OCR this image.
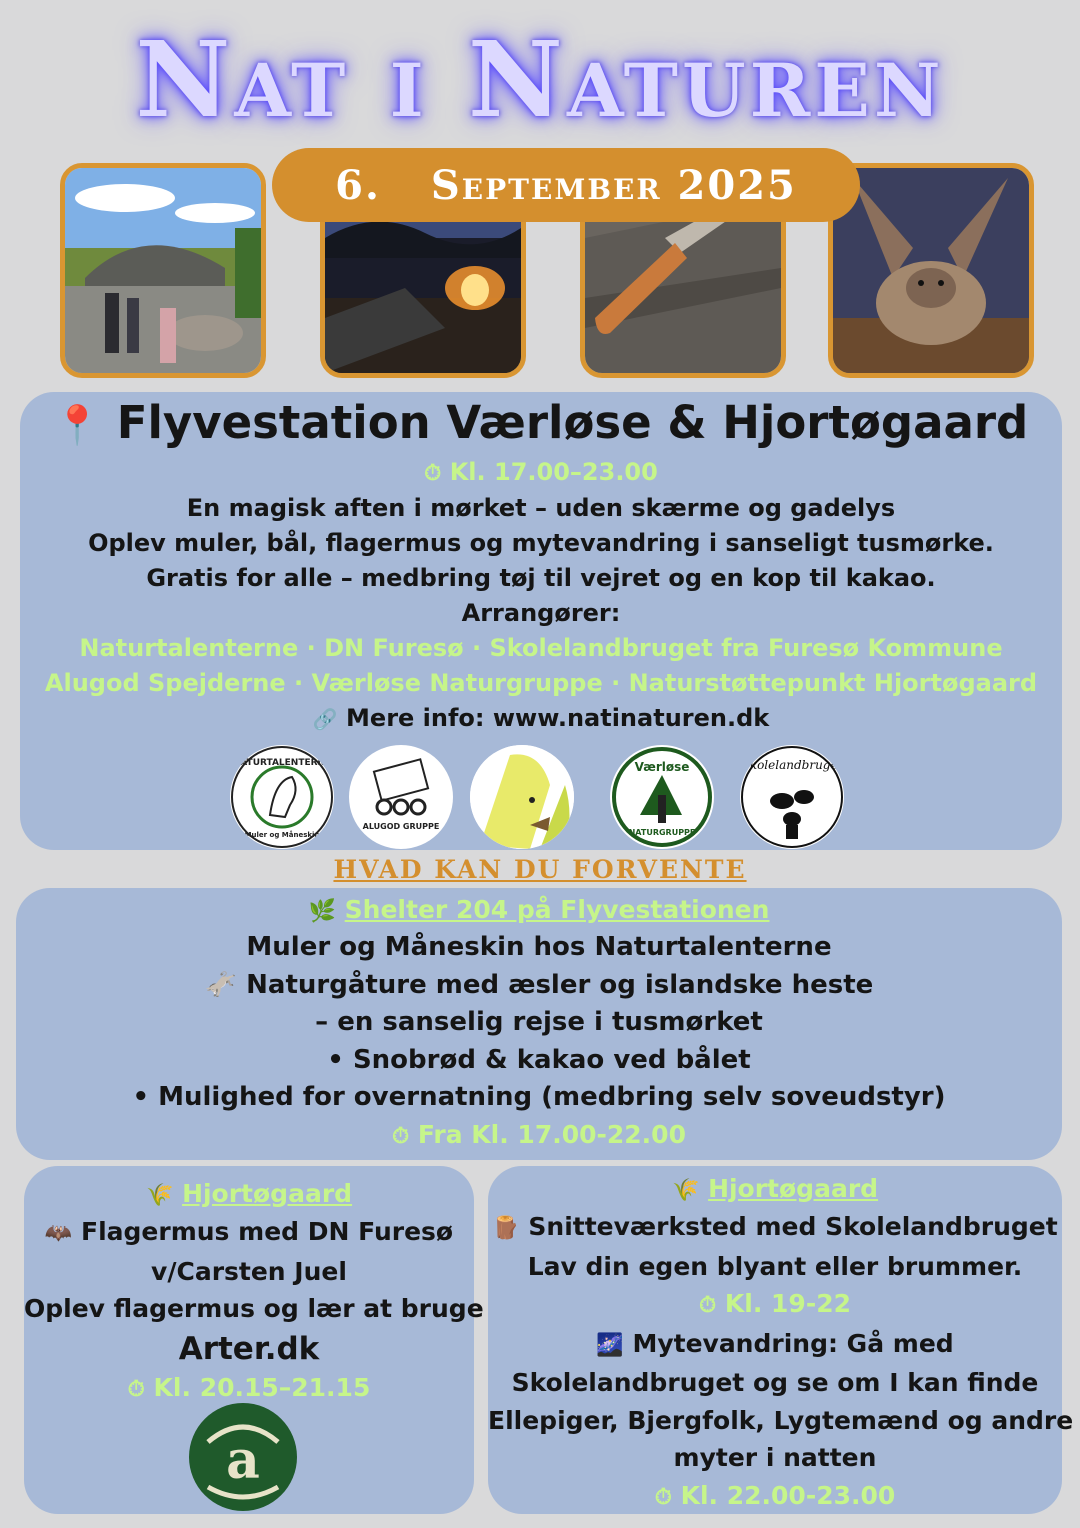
Nat i Naturen
6. September 2025
📍 Flyvestation Værløse & Hjortøgaard
⏱ Kl. 17.00–23.00
En magisk aften i mørket – uden skærme og gadelys
Oplev muler, bål, flagermus og mytevandring i sanseligt tusmørke.
Gratis for alle – medbring tøj til vejret og en kop til kakao.
Arrangører:
Naturtalenterne · DN Furesø · Skolelandbruget fra Furesø Kommune
Alugod Spejderne · Værløse Naturgruppe · Naturstøttepunkt Hjortøgaard
🔗 Mere info: www.natinaturen.dk
NATURTALENTERNE
Muler og Måneskin
ALUGOD GRUPPE
Værløse
NATURGRUPPE
Skolelandbruget
HVAD KAN DU FORVENTE
🌿 Shelter 204 på Flyvestationen
Muler og Måneskin hos Naturtalenterne
🫏 Naturgåture med æsler og islandske heste
– en sanselig rejse i tusmørket
• Snobrød & kakao ved bålet
• Mulighed for overnatning (medbring selv soveudstyr)
⏱ Fra Kl. 17.00-22.00
🌾 Hjortøgaard
🦇 Flagermus med DN Furesø
v/Carsten Juel
Oplev flagermus og lær at bruge
Arter.dk
⏱ Kl. 20.15–21.15
a
🌾 Hjortøgaard
🪵 Snitteværksted med Skolelandbruget
Lav din egen blyant eller brummer.
⏱ Kl. 19-22
🌌 Mytevandring: Gå med
Skolelandbruget og se om I kan finde
Ellepiger, Bjergfolk, Lygtemænd og andre
myter i natten
⏱ Kl. 22.00-23.00
